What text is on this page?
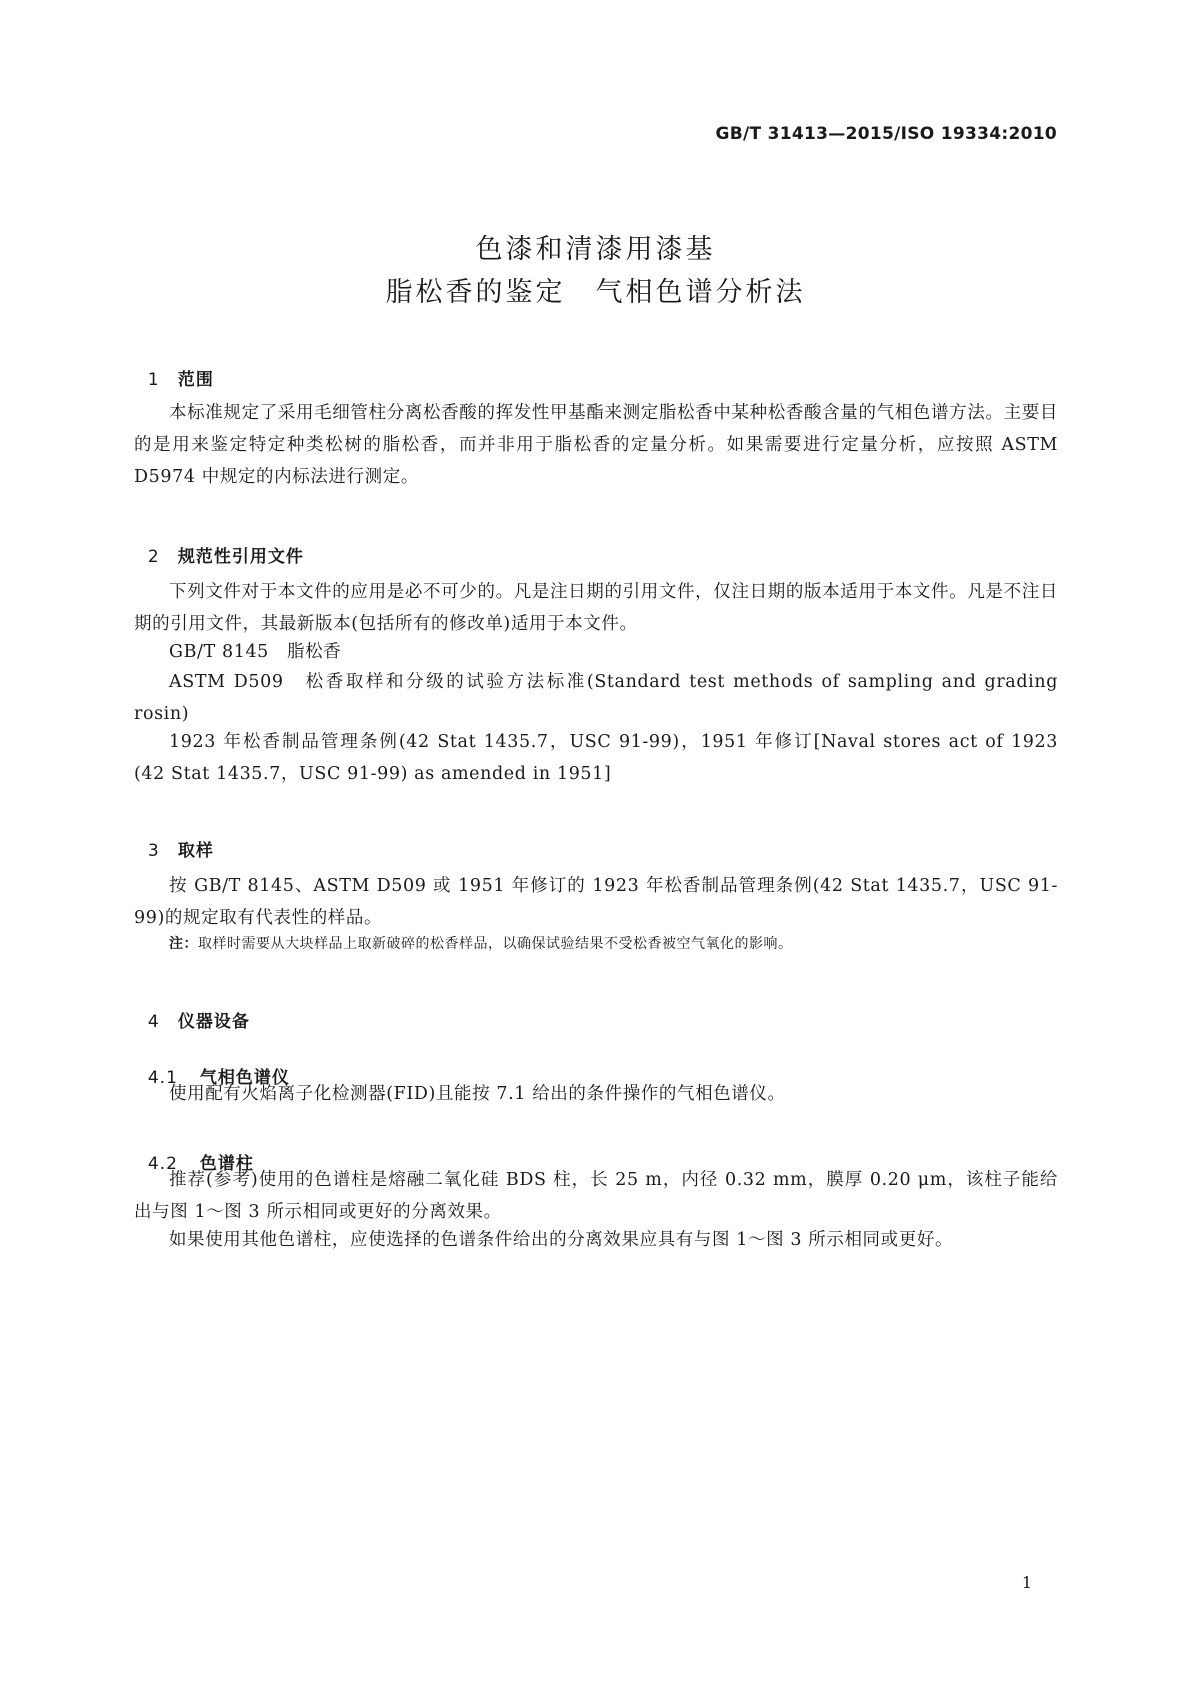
GB/T 31413—2015/ISO 19334:2010
色漆和清漆用漆基
脂松香的鉴定　气相色谱分析法

1 范围

本标准规定了采用毛细管柱分离松香酸的挥发性甲基酯来测定脂松香中某种松香酸含量的气相色谱方法。主要目的是用来鉴定特定种类松树的脂松香，而并非用于脂松香的定量分析。如果需要进行定量分析，应按照 ASTM D5974 中规定的内标法进行测定。

2 规范性引用文件

下列文件对于本文件的应用是必不可少的。凡是注日期的引用文件，仅注日期的版本适用于本文件。凡是不注日期的引用文件，其最新版本(包括所有的修改单)适用于本文件。
GB/T 8145　脂松香
ASTM D509　松香取样和分级的试验方法标准(Standard test methods of sampling and grading rosin)
1923 年松香制品管理条例(42 Stat 1435.7，USC 91-99)，1951 年修订[Naval stores act of 1923 (42 Stat 1435.7，USC 91-99) as amended in 1951]

3 取样

按 GB/T 8145、ASTM D509 或 1951 年修订的 1923 年松香制品管理条例(42 Stat 1435.7，USC 91-99)的规定取有代表性的样品。
注：取样时需要从大块样品上取新破碎的松香样品，以确保试验结果不受松香被空气氧化的影响。

4 仪器设备

4.1 气相色谱仪

使用配有火焰离子化检测器(FID)且能按 7.1 给出的条件操作的气相色谱仪。

4.2 色谱柱

推荐(参考)使用的色谱柱是熔融二氧化硅 BDS 柱，长 25 m，内径 0.32 mm，膜厚 0.20 μm，该柱子能给出与图 1～图 3 所示相同或更好的分离效果。
如果使用其他色谱柱，应使选择的色谱条件给出的分离效果应具有与图 1～图 3 所示相同或更好。
1
